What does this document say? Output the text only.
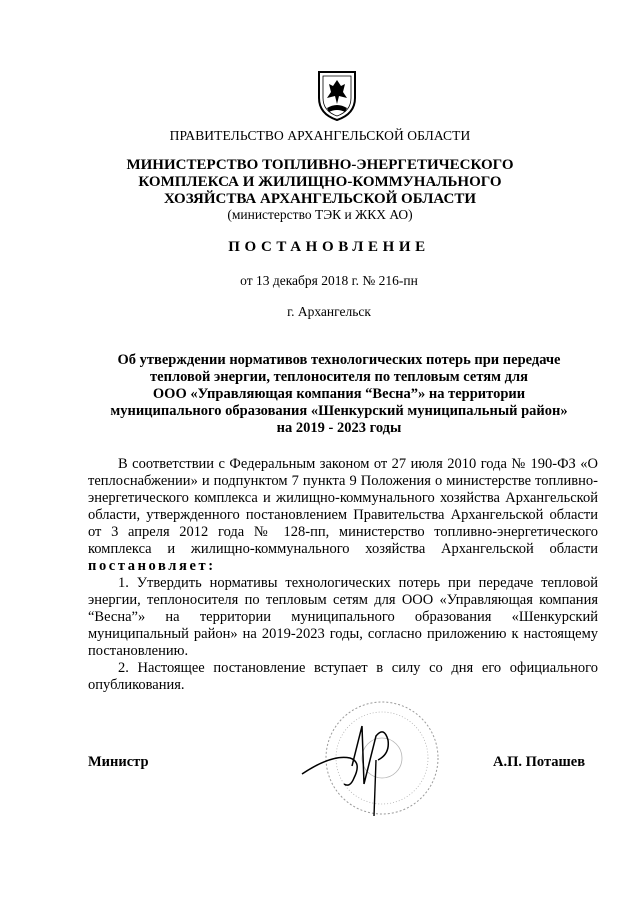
ПРАВИТЕЛЬСТВО АРХАНГЕЛЬСКОЙ ОБЛАСТИ
МИНИСТЕРСТВО ТОПЛИВНО-ЭНЕРГЕТИЧЕСКОГО
КОМПЛЕКСА И ЖИЛИЩНО-КОММУНАЛЬНОГО
ХОЗЯЙСТВА АРХАНГЕЛЬСКОЙ ОБЛАСТИ
(министерство ТЭК и ЖКХ АО)
ПОСТАНОВЛЕНИЕ
от 13 декабря 2018 г. № 216-пн
г. Архангельск
Об утверждении нормативов технологических потерь при передаче
тепловой энергии, теплоносителя по тепловым сетям для
ООО «Управляющая компания “Весна”» на территории
муниципального образования «Шенкурский муниципальный район»
на 2019 - 2023 годы

В соответствии с Федеральным законом от 27 июля 2010 года № 190-ФЗ «О теплоснабжении» и подпунктом 7 пункта 9 Положения о министерстве топливно-энергетического комплекса и жилищно-коммунального хозяйства Архангельской области, утвержденного постановлением Правительства Архангельской области от 3 апреля 2012 года № 128-пп, министерство топливно-энергетического комплекса и жилищно-коммунального хозяйства Архангельской области постановляет:

1. Утвердить нормативы технологических потерь при передаче тепловой энергии, теплоносителя по тепловым сетям для ООО «Управляющая компания “Весна”» на территории муниципального образования «Шенкурский муниципальный район» на 2019-2023 годы, согласно приложению к настоящему постановлению.

2. Настоящее постановление вступает в силу со дня его официального опубликования.

Министр	А.П. Поташев
